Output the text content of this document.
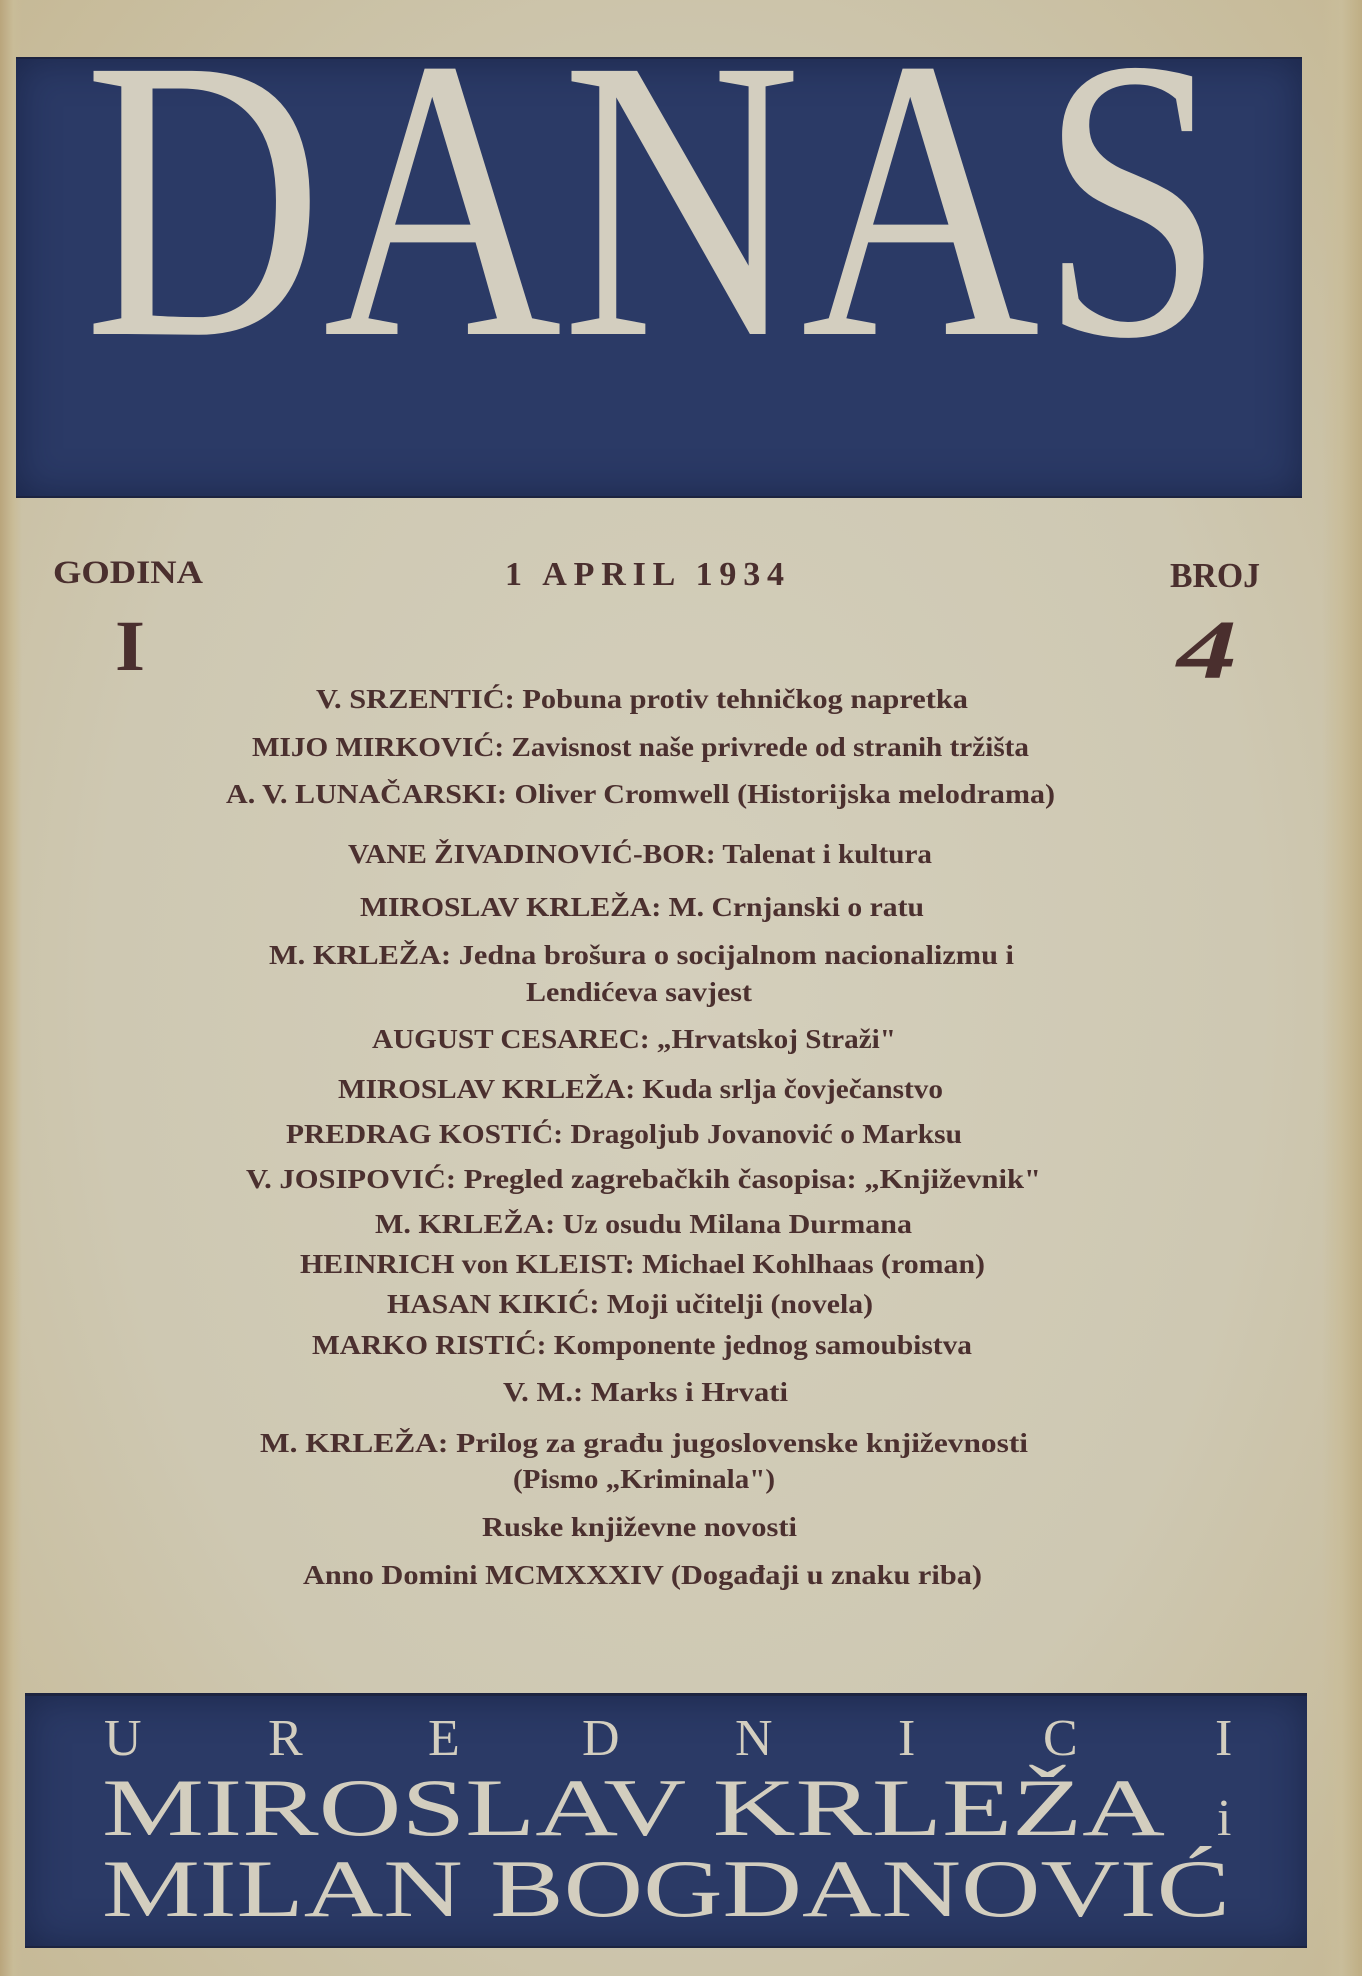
DANAS
GODINA
I
1 APRIL 1934	BROJ
4
V. SRZENTIĆ: Pobuna protiv tehničkog napretka
MIJO MIRKOVIĆ: Zavisnost naše privrede od stranih tržišta
A. V. LUNAČARSKI: Oliver Cromwell (Historijska melodrama)
VANE ŽIVADINOVIĆ-BOR: Talenat i kultura
MIROSLAV KRLEŽA: M. Crnjanski o ratu
M. KRLEŽA: Jedna brošura o socijalnom nacionalizmu i
Lendićeva savjest
AUGUST CESAREC: „Hrvatskoj Straži"
MIROSLAV KRLEŽA: Kuda srlja čovječanstvo
PREDRAG KOSTIĆ: Dragoljub Jovanović o Marksu
V. JOSIPOVIĆ: Pregled zagrebačkih časopisa: „Književnik"
M. KRLEŽA: Uz osudu Milana Durmana
HEINRICH von KLEIST: Michael Kohlhaas (roman)
HASAN KIKIĆ: Moji učitelji (novela)
MARKO RISTIĆ: Komponente jednog samoubistva
V. M.: Marks i Hrvati
M. KRLEŽA: Prilog za građu jugoslovenske književnosti
(Pismo „Kriminala")
Ruske književne novosti
Anno Domini MCMXXXIV (Događaji u znaku riba)
U R E D N I C	I
MIROSLAV KRLEŽA i
MILAN BOGDANOVIĆ
